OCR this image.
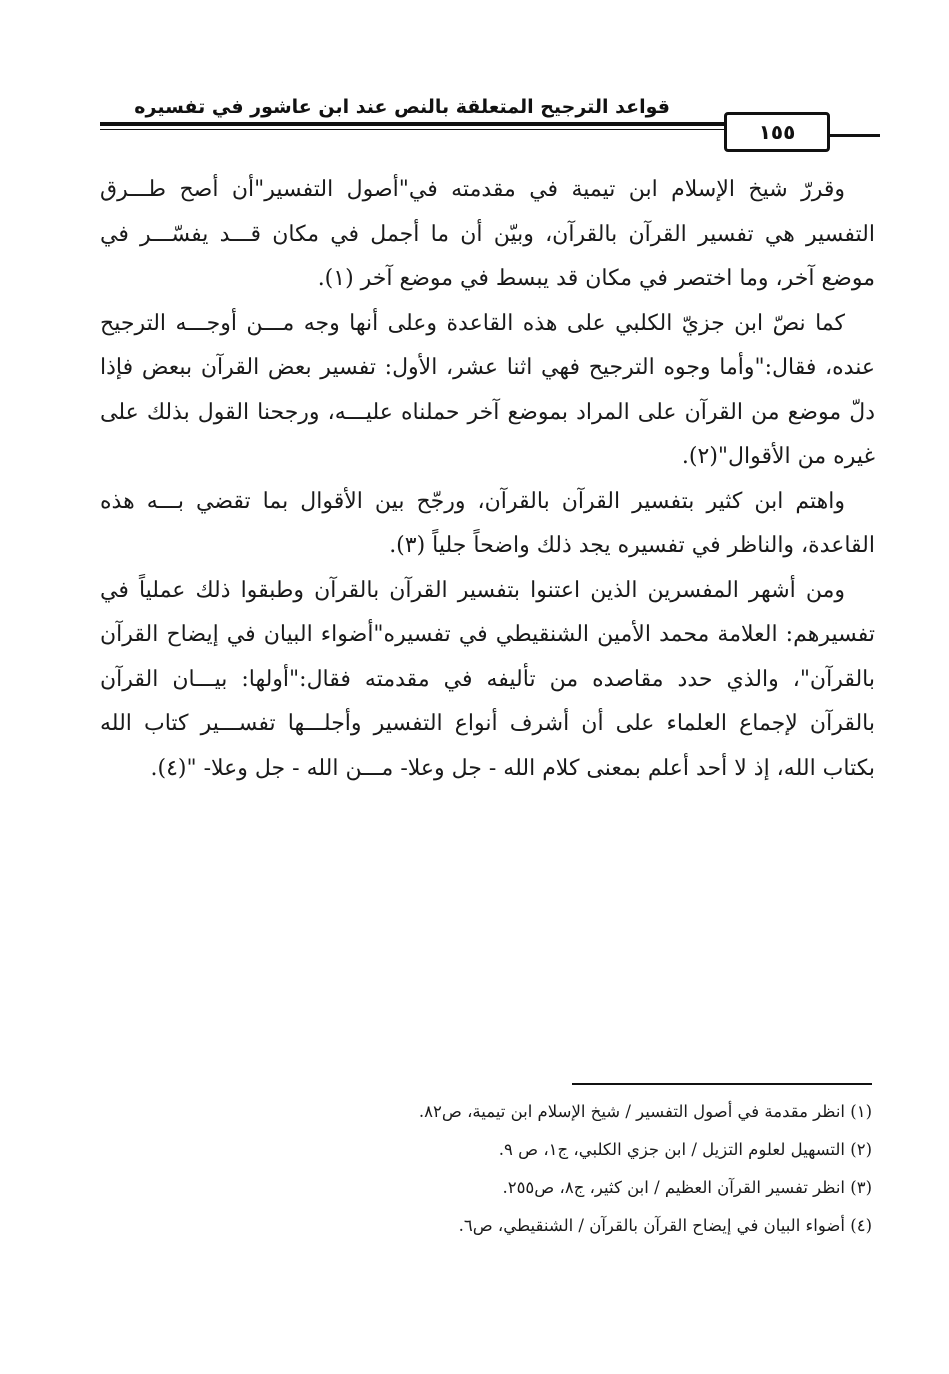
قواعد الترجيح المتعلقة بالنص عند ابن عاشور في تفسيره
١٥٥

وقررّ شيخ الإسلام ابن تيمية في مقدمته في"أصول التفسير"أن أصح طـــرق التفسير هي تفسير القرآن بالقرآن، وبيّن أن ما أجمل في مكان قـــد يفسّـــر في موضع آخر، وما اختصر في مكان قد يبسط في موضع آخر (١).

كما نصّ ابن جزيّ الكلبي على هذه القاعدة وعلى أنها وجه مـــن أوجـــه الترجيح عنده، فقال:"وأما وجوه الترجيح فهي اثنا عشر، الأول: تفسير بعض القرآن ببعض فإذا دلّ موضع من القرآن على المراد بموضع آخر حملناه عليـــه، ورجحنا القول بذلك على غيره من الأقوال"(٢).

واهتم ابن كثير بتفسير القرآن بالقرآن، ورجّح بين الأقوال بما تقضي بـــه هذه القاعدة، والناظر في تفسيره يجد ذلك واضحاً جلياً (٣).

ومن أشهر المفسرين الذين اعتنوا بتفسير القرآن بالقرآن وطبقوا ذلك عملياً في تفسيرهم: العلامة محمد الأمين الشنقيطي في تفسيره"أضواء البيان في إيضاح القرآن بالقرآن"، والذي حدد مقاصده من تأليفه في مقدمته فقال:"أولها: بيـــان القرآن بالقرآن لإجماع العلماء على أن أشرف أنواع التفسير وأجلـــها تفســـير كتاب الله بكتاب الله، إذ لا أحد أعلم بمعنى كلام الله - جل وعلا- مـــن الله - جل وعلا- "(٤).

(١) انظر مقدمة في أصول التفسير / شيخ الإسلام ابن تيمية، ص٨٢.

(٢) التسهيل لعلوم التزيل / ابن جزي الكلبي، ج١، ص ٩.

(٣) انظر تفسير القرآن العظيم / ابن كثير، ج٨، ص٢٥٥.

(٤) أضواء البيان في إيضاح القرآن بالقرآن / الشنقيطي، ص٦.
